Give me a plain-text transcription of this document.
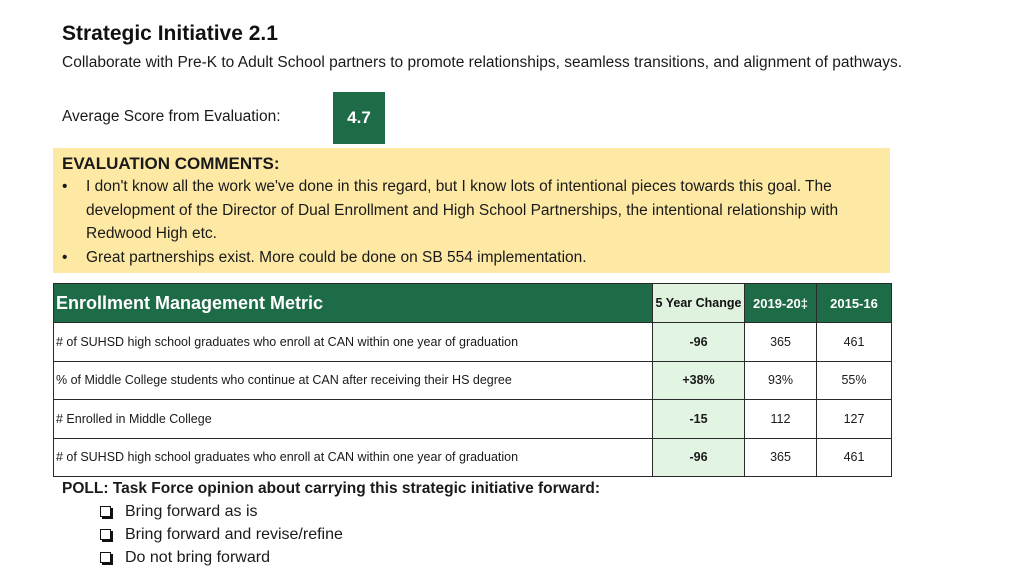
Strategic Initiative 2.1
Collaborate with Pre-K to Adult School partners to promote relationships, seamless transitions, and alignment of pathways.
Average Score from Evaluation:	4.7
EVALUATION COMMENTS:
• I don't know all the work we've done in this regard, but I know lots of intentional pieces towards this goal. The development of the Director of Dual Enrollment and High School Partnerships, the intentional relationship with Redwood High etc.
• Great partnerships exist. More could be done on SB 554 implementation.
Enrollment Management Metric	5 Year Change	2019-20‡	2015-16
# of SUHSD high school graduates who enroll at CAN within one year of graduation	-96	365	461
% of Middle College students who continue at CAN after receiving their HS degree	+38%	93%	55%
# Enrolled in Middle College	-15	112	127
# of SUHSD high school graduates who enroll at CAN within one year of graduation	-96	365	461
POLL: Task Force opinion about carrying this strategic initiative forward:
Bring forward as is
Bring forward and revise/refine
Do not bring forward
